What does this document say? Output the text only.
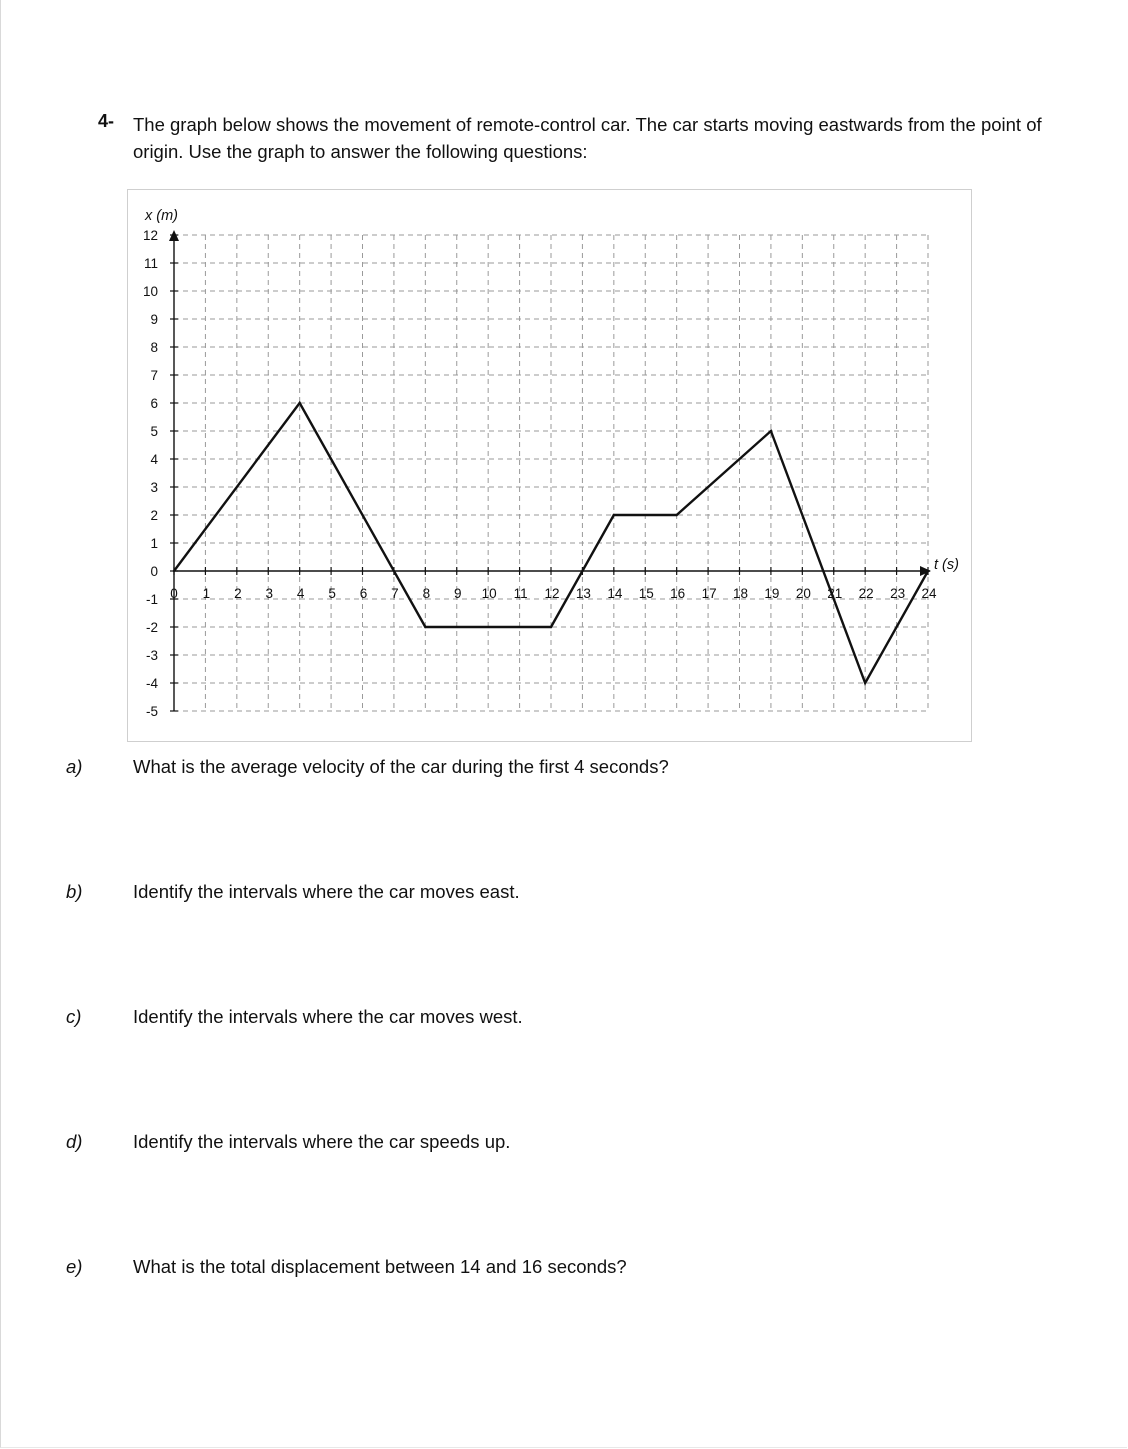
4- The graph below shows the movement of remote-control car. The car starts moving eastwards from the point of origin. Use the graph to answer the following questions:
12
11
10
9
8
7
6
5
4
3
2
1
0
-1
-2
-3
-4
-5
0 1 2 3 4 5 6 7 8 9 10 11 12 13 14 15 16 17 18 19 20 21 22 23 24
x (m)
t (s)
a)	What is the average velocity of the car during the first 4 seconds?
b)	Identify the intervals where the car moves east.
c)	Identify the intervals where the car moves west.
d)	Identify the intervals where the car speeds up.
e)	What is the total displacement between 14 and 16 seconds?
